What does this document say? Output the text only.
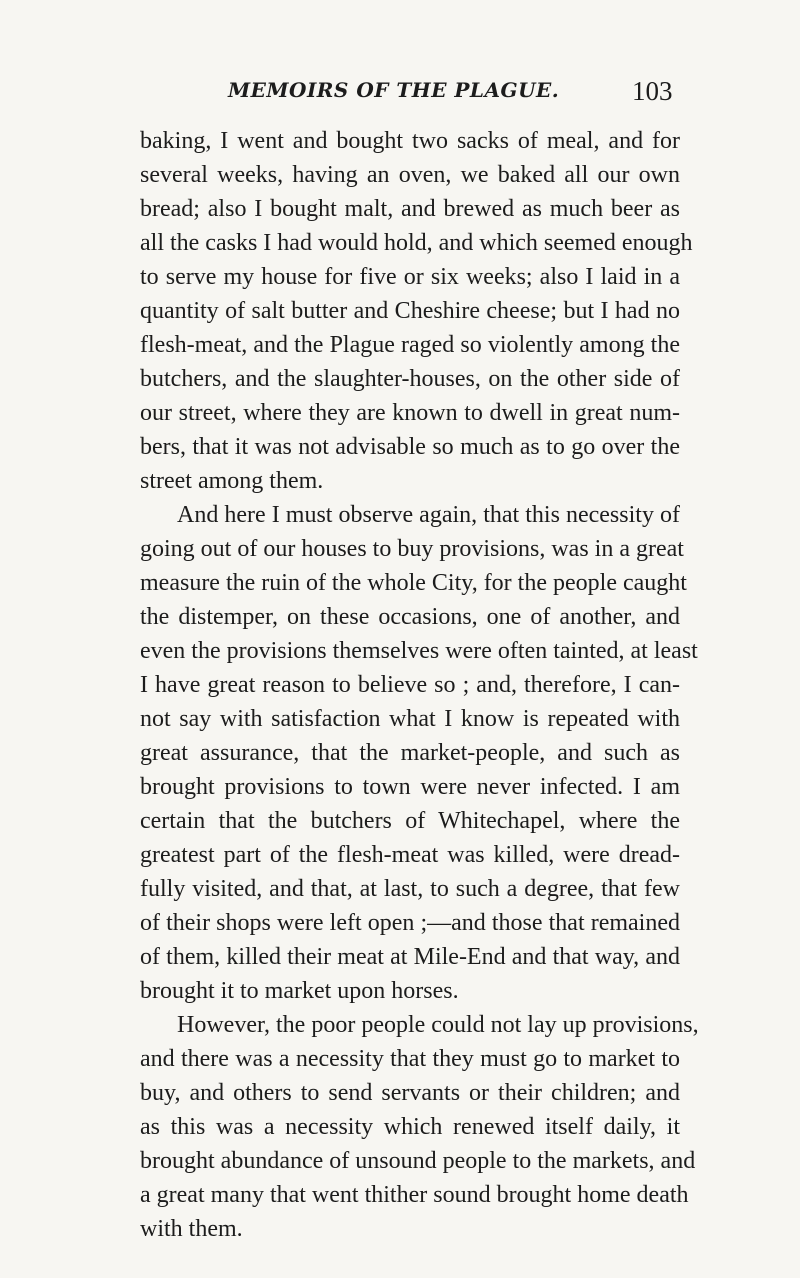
MEMOIRS OF THE PLAGUE.	103
baking, I went and bought two sacks of meal, and for
several weeks, having an oven, we baked all our own
bread; also I bought malt, and brewed as much beer as
all the casks I had would hold, and which seemed enough
to serve my house for five or six weeks; also I laid in a
quantity of salt butter and Cheshire cheese; but I had no
flesh-meat, and the Plague raged so violently among the
butchers, and the slaughter-houses, on the other side of
our street, where they are known to dwell in great num-
bers, that it was not advisable so much as to go over the
street among them.
And here I must observe again, that this necessity of
going out of our houses to buy provisions, was in a great
measure the ruin of the whole City, for the people caught
the distemper, on these occasions, one of another, and
even the provisions themselves were often tainted, at least
I have great reason to believe so ; and, therefore, I can-
not say with satisfaction what I know is repeated with
great assurance, that the market-people, and such as
brought provisions to town were never infected. I am
certain that the butchers of Whitechapel, where the
greatest part of the flesh-meat was killed, were dread-
fully visited, and that, at last, to such a degree, that few
of their shops were left open ;—and those that remained
of them, killed their meat at Mile-End and that way, and
brought it to market upon horses.
However, the poor people could not lay up provisions,
and there was a necessity that they must go to market to
buy, and others to send servants or their children; and
as this was a necessity which renewed itself daily, it
brought abundance of unsound people to the markets, and
a great many that went thither sound brought home death
with them.
